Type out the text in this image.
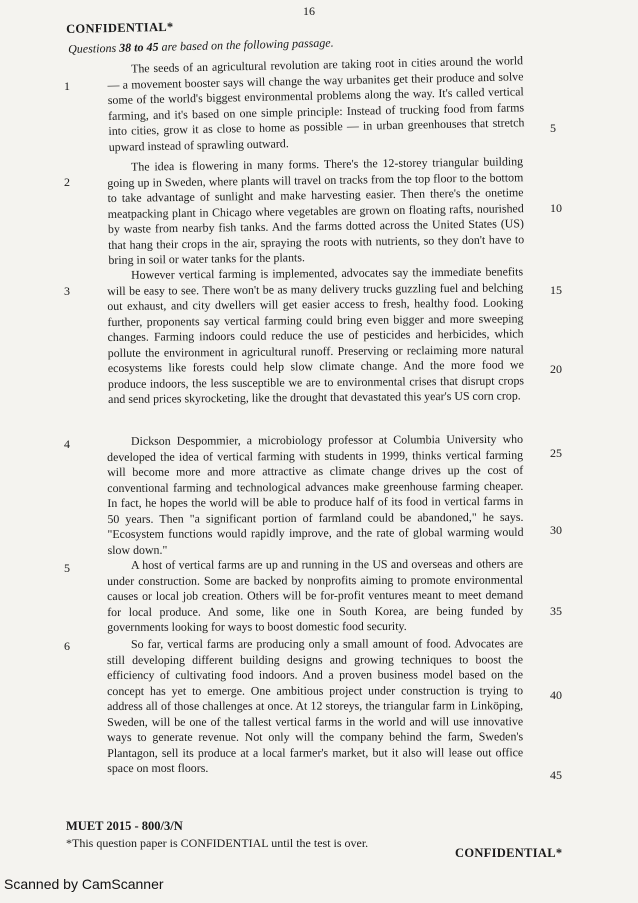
16
CONFIDENTIAL*
Questions 38 to 45 are based on the following passage.
1

The seeds of an agricultural revolution are taking root in cities around the world — a movement booster says will change the way urbanites get their produce and solve some of the world's biggest environmental problems along the way. It's called vertical farming, and it's based on one simple principle: Instead of trucking food from farms into cities, grow it as close to home as possible — in urban greenhouses that stretch upward instead of sprawling outward.

2

The idea is flowering in many forms. There's the 12-storey triangular building going up in Sweden, where plants will travel on tracks from the top floor to the bottom to take advantage of sunlight and make harvesting easier. Then there's the onetime meatpacking plant in Chicago where vegetables are grown on floating rafts, nourished by waste from nearby fish tanks. And the farms dotted across the United States (US) that hang their crops in the air, spraying the roots with nutrients, so they don't have to bring in soil or water tanks for the plants.

3

However vertical farming is implemented, advocates say the immediate benefits will be easy to see. There won't be as many delivery trucks guzzling fuel and belching out exhaust, and city dwellers will get easier access to fresh, healthy food. Looking further, proponents say vertical farming could bring even bigger and more sweeping changes. Farming indoors could reduce the use of pesticides and herbicides, which pollute the environment in agricultural runoff. Preserving or reclaiming more natural ecosystems like forests could help slow climate change. And the more food we produce indoors, the less susceptible we are to environmental crises that disrupt crops and send prices skyrocketing, like the drought that devastated this year's US corn crop.

4	Dickson Despommier, a microbiology professor at Columbia University who developed the idea of vertical farming with students in 1999, thinks vertical farming will become more and more attractive as climate change drives up the cost of conventional farming and technological advances make greenhouse farming cheaper. In fact, he hopes the world will be able to produce half of its food in vertical farms in 50 years. Then "a significant portion of farmland could be abandoned," he says. "Ecosystem functions would rapidly improve, and the rate of global warming would slow down."

5	A host of vertical farms are up and running in the US and overseas and others are under construction. Some are backed by nonprofits aiming to promote environmental causes or local job creation. Others will be for-profit ventures meant to meet demand for local produce. And some, like one in South Korea, are being funded by governments looking for ways to boost domestic food security.

6	So far, vertical farms are producing only a small amount of food. Advocates are still developing different building designs and growing techniques to boost the efficiency of cultivating food indoors. And a proven business model based on the concept has yet to emerge. One ambitious project under construction is trying to address all of those challenges at once. At 12 storeys, the triangular farm in Linköping, Sweden, will be one of the tallest vertical farms in the world and will use innovative ways to generate revenue. Not only will the company behind the farm, Sweden's Plantagon, sell its produce at a local farmer's market, but it also will lease out office space on most floors.

5
10
15
20
25
30
35
40
45
MUET 2015 - 800/3/N
*This question paper is CONFIDENTIAL until the test is over.
CONFIDENTIAL*
Scanned by CamScanner
